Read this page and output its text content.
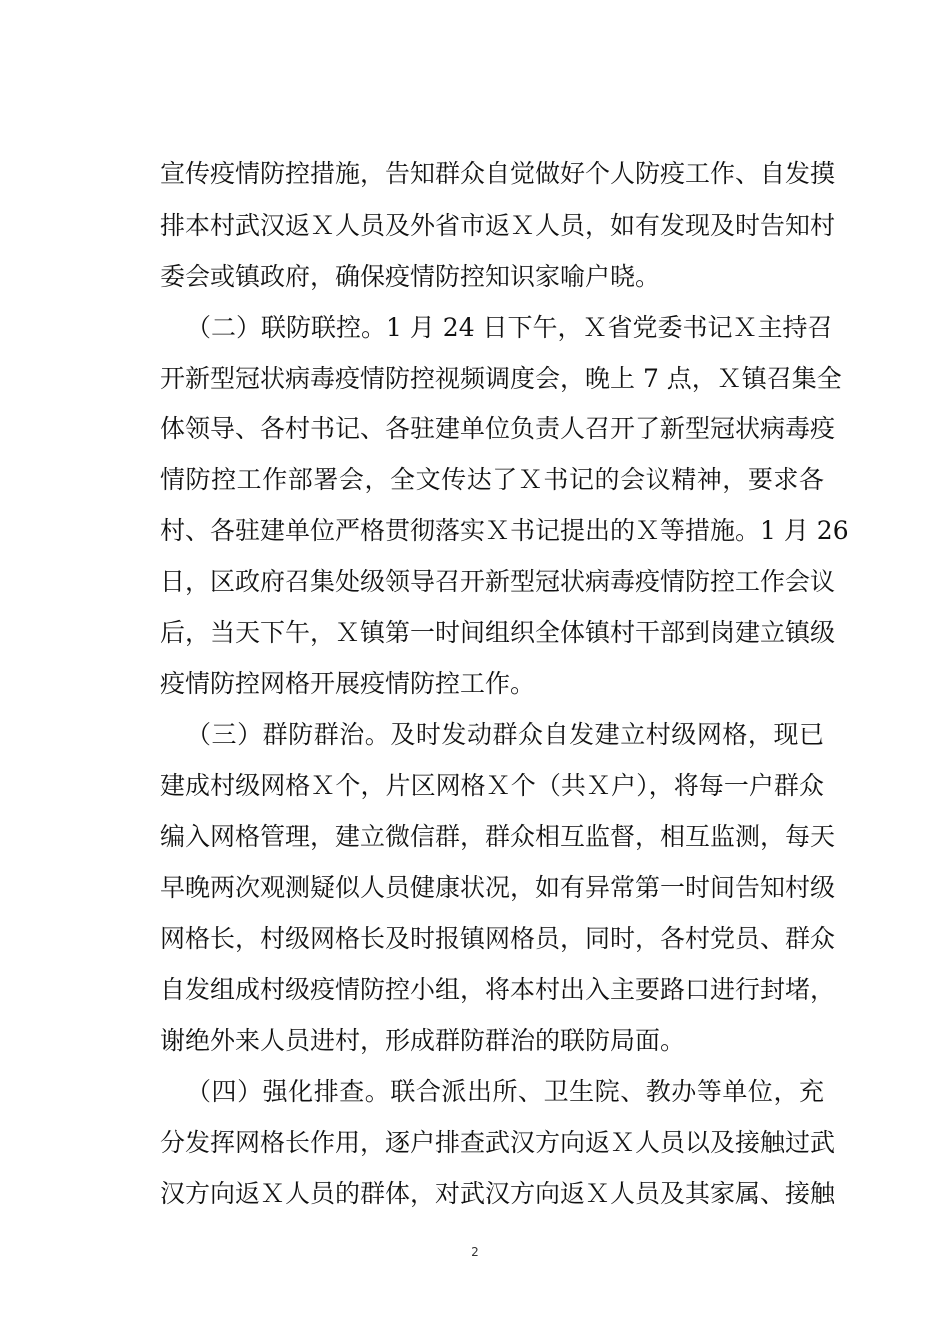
宣传疫情防控措施，告知群众自觉做好个人防疫工作、自发摸
排本村武汉返Ｘ人员及外省市返Ｘ人员，如有发现及时告知村
委会或镇政府，确保疫情防控知识家喻户晓。
（二）联防联控。1 月 24 日下午，Ｘ省党委书记Ｘ主持召
开新型冠状病毒疫情防控视频调度会，晚上 7 点，Ｘ镇召集全
体领导、各村书记、各驻建单位负责人召开了新型冠状病毒疫
情防控工作部署会，全文传达了Ｘ书记的会议精神，要求各
村、各驻建单位严格贯彻落实Ｘ书记提出的Ｘ等措施。1 月 26
日，区政府召集处级领导召开新型冠状病毒疫情防控工作会议
后，当天下午，Ｘ镇第一时间组织全体镇村干部到岗建立镇级
疫情防控网格开展疫情防控工作。
（三）群防群治。及时发动群众自发建立村级网格，现已
建成村级网格Ｘ个，片区网格Ｘ个（共Ｘ户），将每一户群众
编入网格管理，建立微信群，群众相互监督，相互监测，每天
早晚两次观测疑似人员健康状况，如有异常第一时间告知村级
网格长，村级网格长及时报镇网格员，同时，各村党员、群众
自发组成村级疫情防控小组，将本村出入主要路口进行封堵，
谢绝外来人员进村，形成群防群治的联防局面。
（四）强化排查。联合派出所、卫生院、教办等单位，充
分发挥网格长作用，逐户排查武汉方向返Ｘ人员以及接触过武
汉方向返Ｘ人员的群体，对武汉方向返Ｘ人员及其家属、接触
2
